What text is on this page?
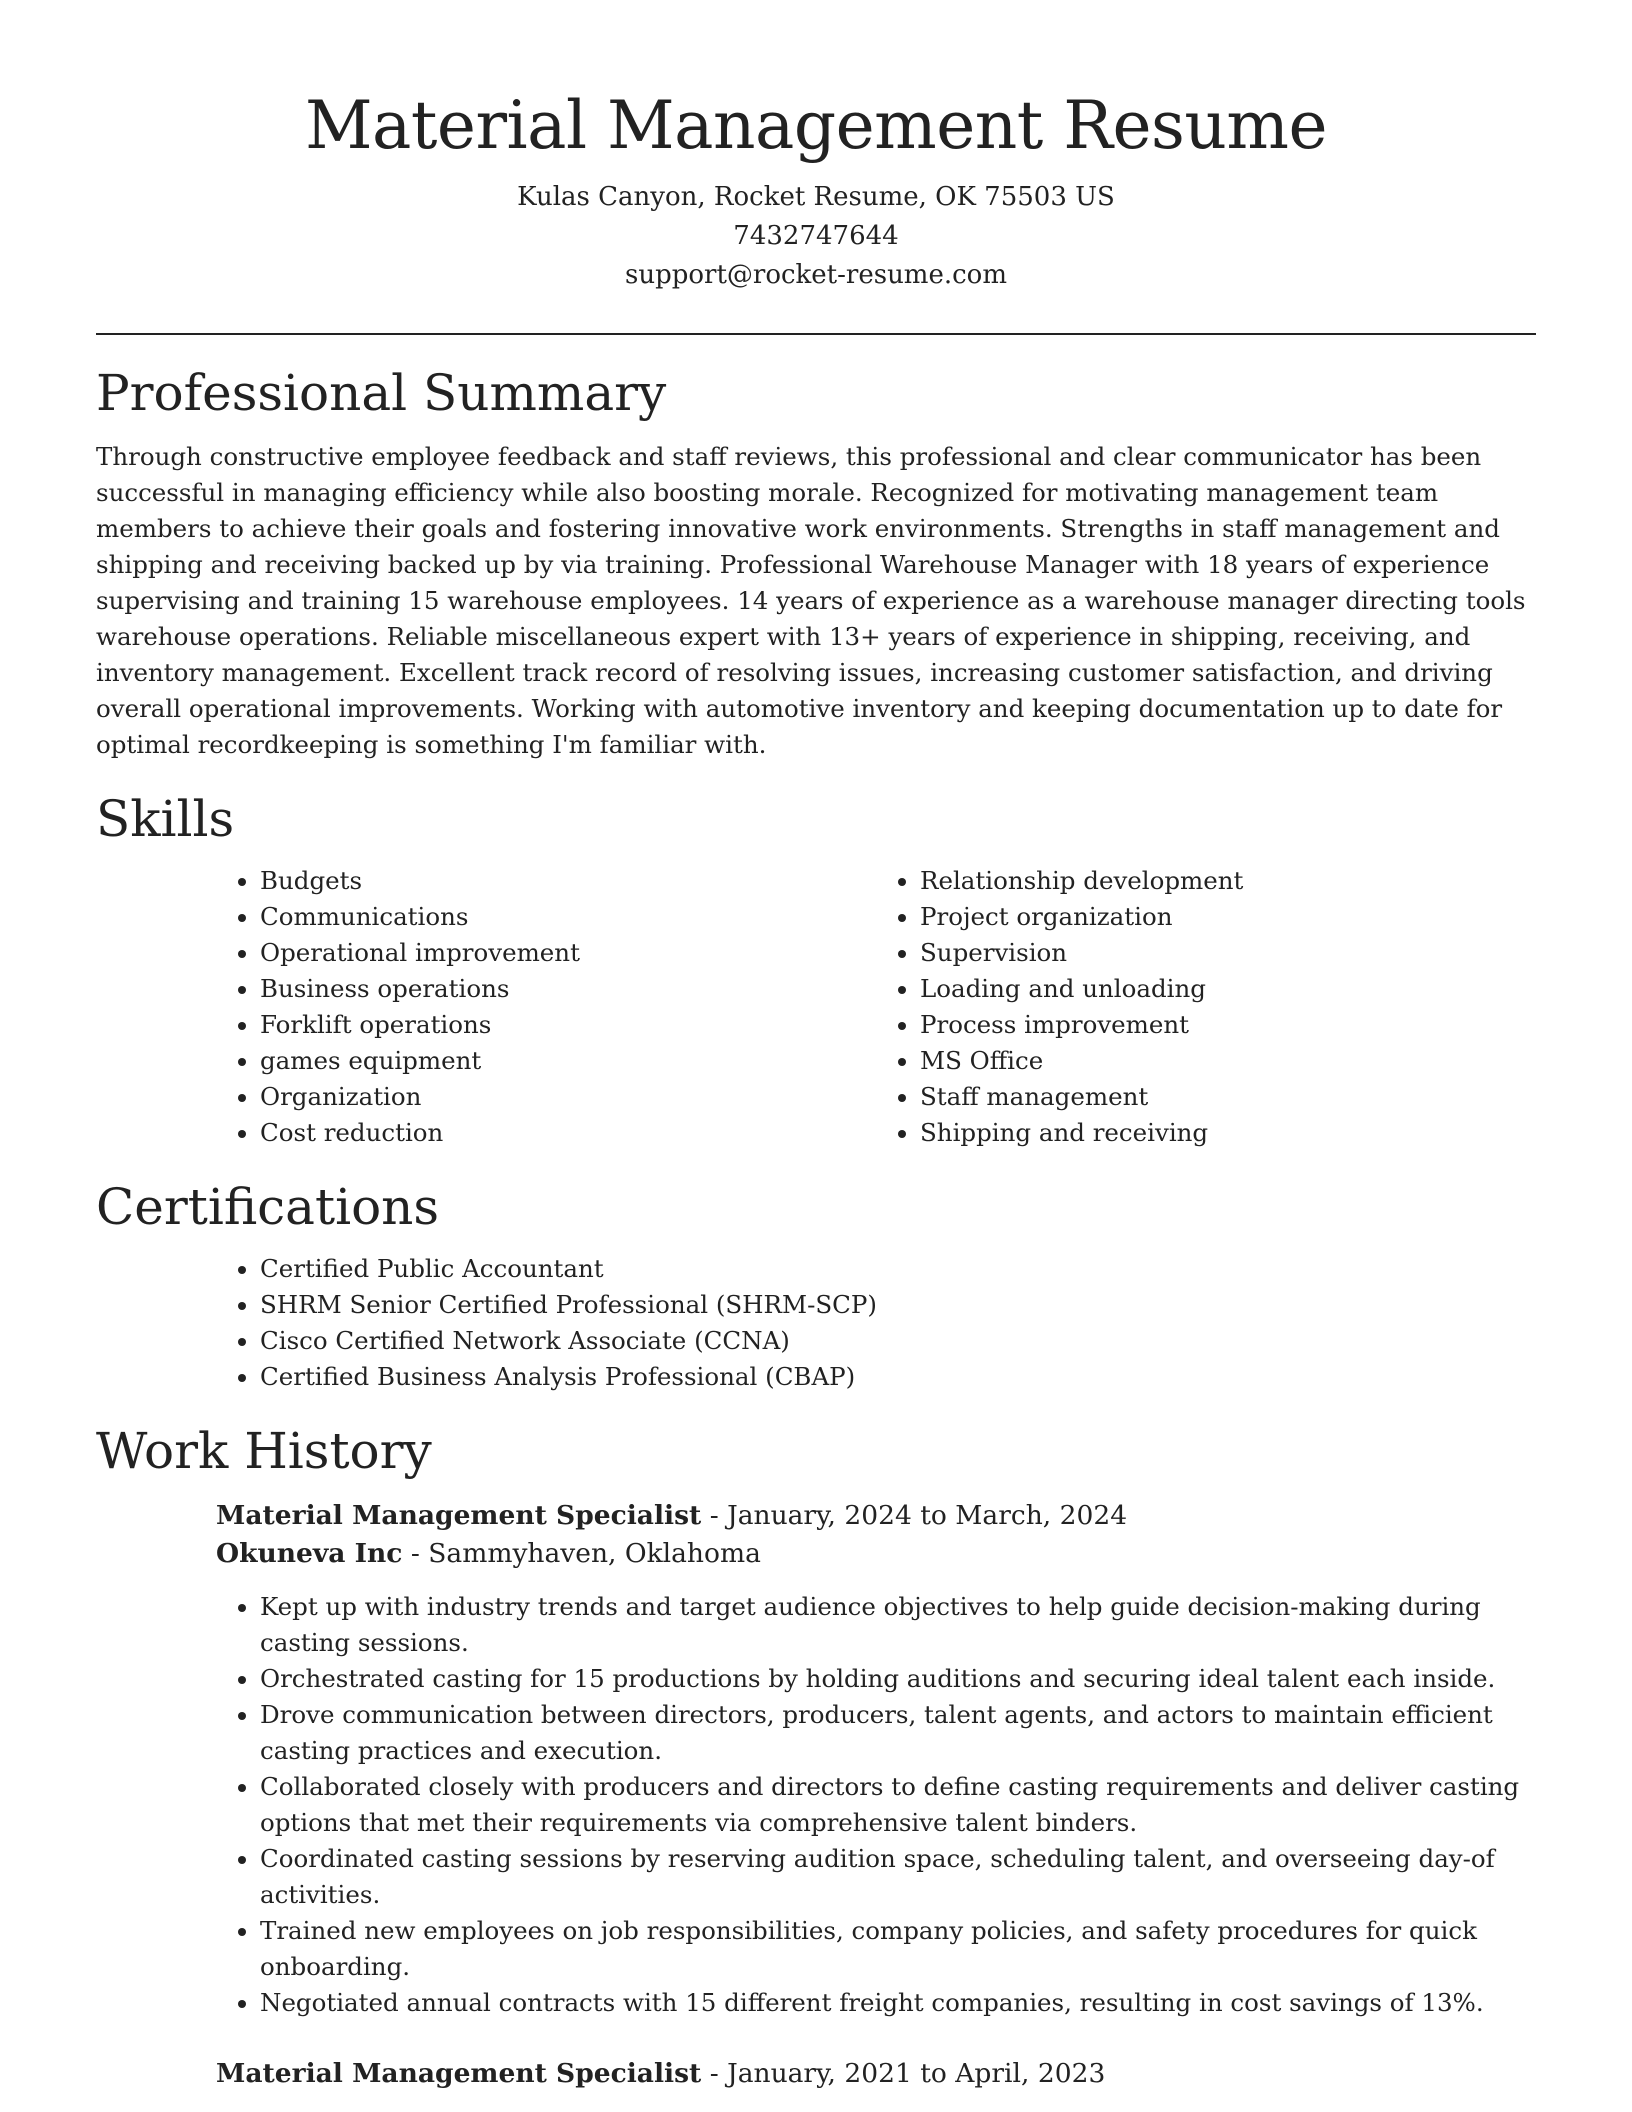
Material Management Resume

Kulas Canyon, Rocket Resume, OK 75503 US

7432747644

support@rocket-resume.com

Professional Summary

Through constructive employee feedback and staff reviews, this professional and clear communicator has been successful in managing efficiency while also boosting morale. Recognized for motivating management team members to achieve their goals and fostering innovative work environments. Strengths in staff management and shipping and receiving backed up by via training. Professional Warehouse Manager with 18 years of experience supervising and training 15 warehouse employees. 14 years of experience as a warehouse manager directing tools warehouse operations. Reliable miscellaneous expert with 13+ years of experience in shipping, receiving, and inventory management. Excellent track record of resolving issues, increasing customer satisfaction, and driving overall operational improvements. Working with automotive inventory and keeping documentation up to date for optimal recordkeeping is something I'm familiar with.

Skills
• Budgets
• Communications
• Operational improvement
• Business operations
• Forklift operations
• games equipment
• Organization
• Cost reduction
• Relationship development
• Project organization
• Supervision
• Loading and unloading
• Process improvement
• MS Office
• Staff management
• Shipping and receiving
Certifications
• Certified Public Accountant
• SHRM Senior Certified Professional (SHRM-SCP)
• Cisco Certified Network Associate (CCNA)
• Certified Business Analysis Professional (CBAP)
Work History

Material Management Specialist - January, 2024 to March, 2024

Okuneva Inc - Sammyhaven, Oklahoma

• Kept up with industry trends and target audience objectives to help guide decision-making during casting sessions.
• Orchestrated casting for 15 productions by holding auditions and securing ideal talent each inside.
• Drove communication between directors, producers, talent agents, and actors to maintain efficient casting practices and execution.
• Collaborated closely with producers and directors to define casting requirements and deliver casting options that met their requirements via comprehensive talent binders.
• Coordinated casting sessions by reserving audition space, scheduling talent, and overseeing day-of activities.
• Trained new employees on job responsibilities, company policies, and safety procedures for quick onboarding.
• Negotiated annual contracts with 15 different freight companies, resulting in cost savings of 13%.

Material Management Specialist - January, 2021 to April, 2023
